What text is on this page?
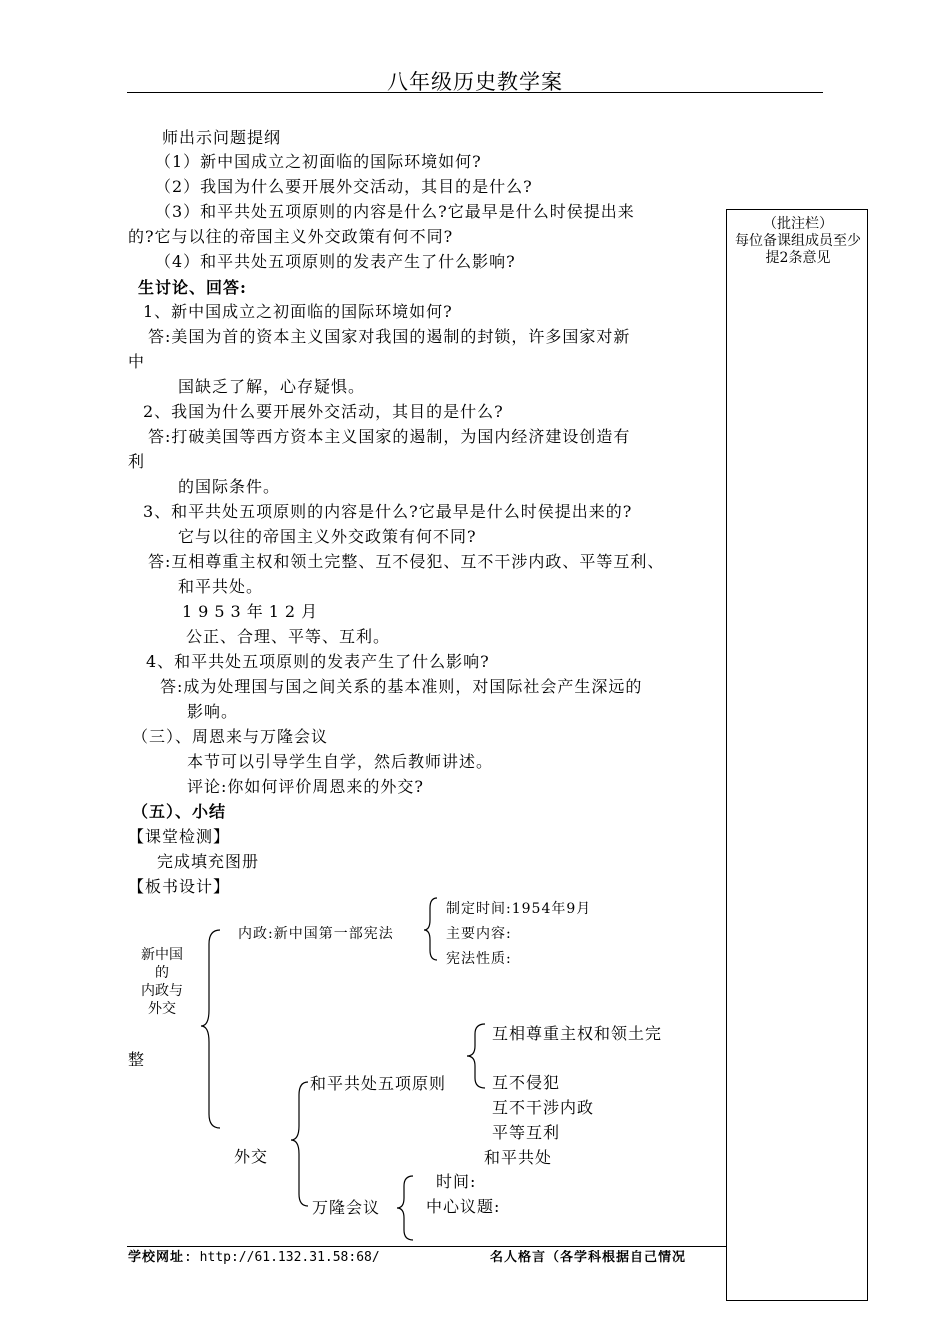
八年级历史教学案
（批注栏）
每位备课组成员至少提2条意见
师出示问题提纲
（1）新中国成立之初面临的国际环境如何?
（2）我国为什么要开展外交活动，其目的是什么?
（3）和平共处五项原则的内容是什么?它最早是什么时侯提出来
的?它与以往的帝国主义外交政策有何不同?
（4）和平共处五项原则的发表产生了什么影响?
生讨论、回答:
1、新中国成立之初面临的国际环境如何?
答:美国为首的资本主义国家对我国的遏制的封锁，许多国家对新
中
国缺乏了解，心存疑惧。
2、我国为什么要开展外交活动，其目的是什么?
答:打破美国等西方资本主义国家的遏制，为国内经济建设创造有
利
的国际条件。
3、和平共处五项原则的内容是什么?它最早是什么时侯提出来的?
它与以往的帝国主义外交政策有何不同?
答:互相尊重主权和领土完整、互不侵犯、互不干涉内政、平等互利、
和平共处。
1953年12月
公正、合理、平等、互利。
4、和平共处五项原则的发表产生了什么影响?
答:成为处理国与国之间关系的基本准则，对国际社会产生深远的
影响。
（三）、周恩来与万隆会议
本节可以引导学生自学，然后教师讲述。
评论:你如何评价周恩来的外交?
（五）、小结
【课堂检测】
完成填充图册
【板书设计】
新中国
的
内政与
外交
整
内政:新中国第一部宪法
制定时间:1954年9月
主要内容:
宪法性质:
外交
和平共处五项原则
互相尊重主权和领土完
互不侵犯
互不干涉内政
平等互利
和平共处
万隆会议
时间:
中心议题:
学校网址: http://61.132.31.58:68/	名人格言（各学科根据自己情况
